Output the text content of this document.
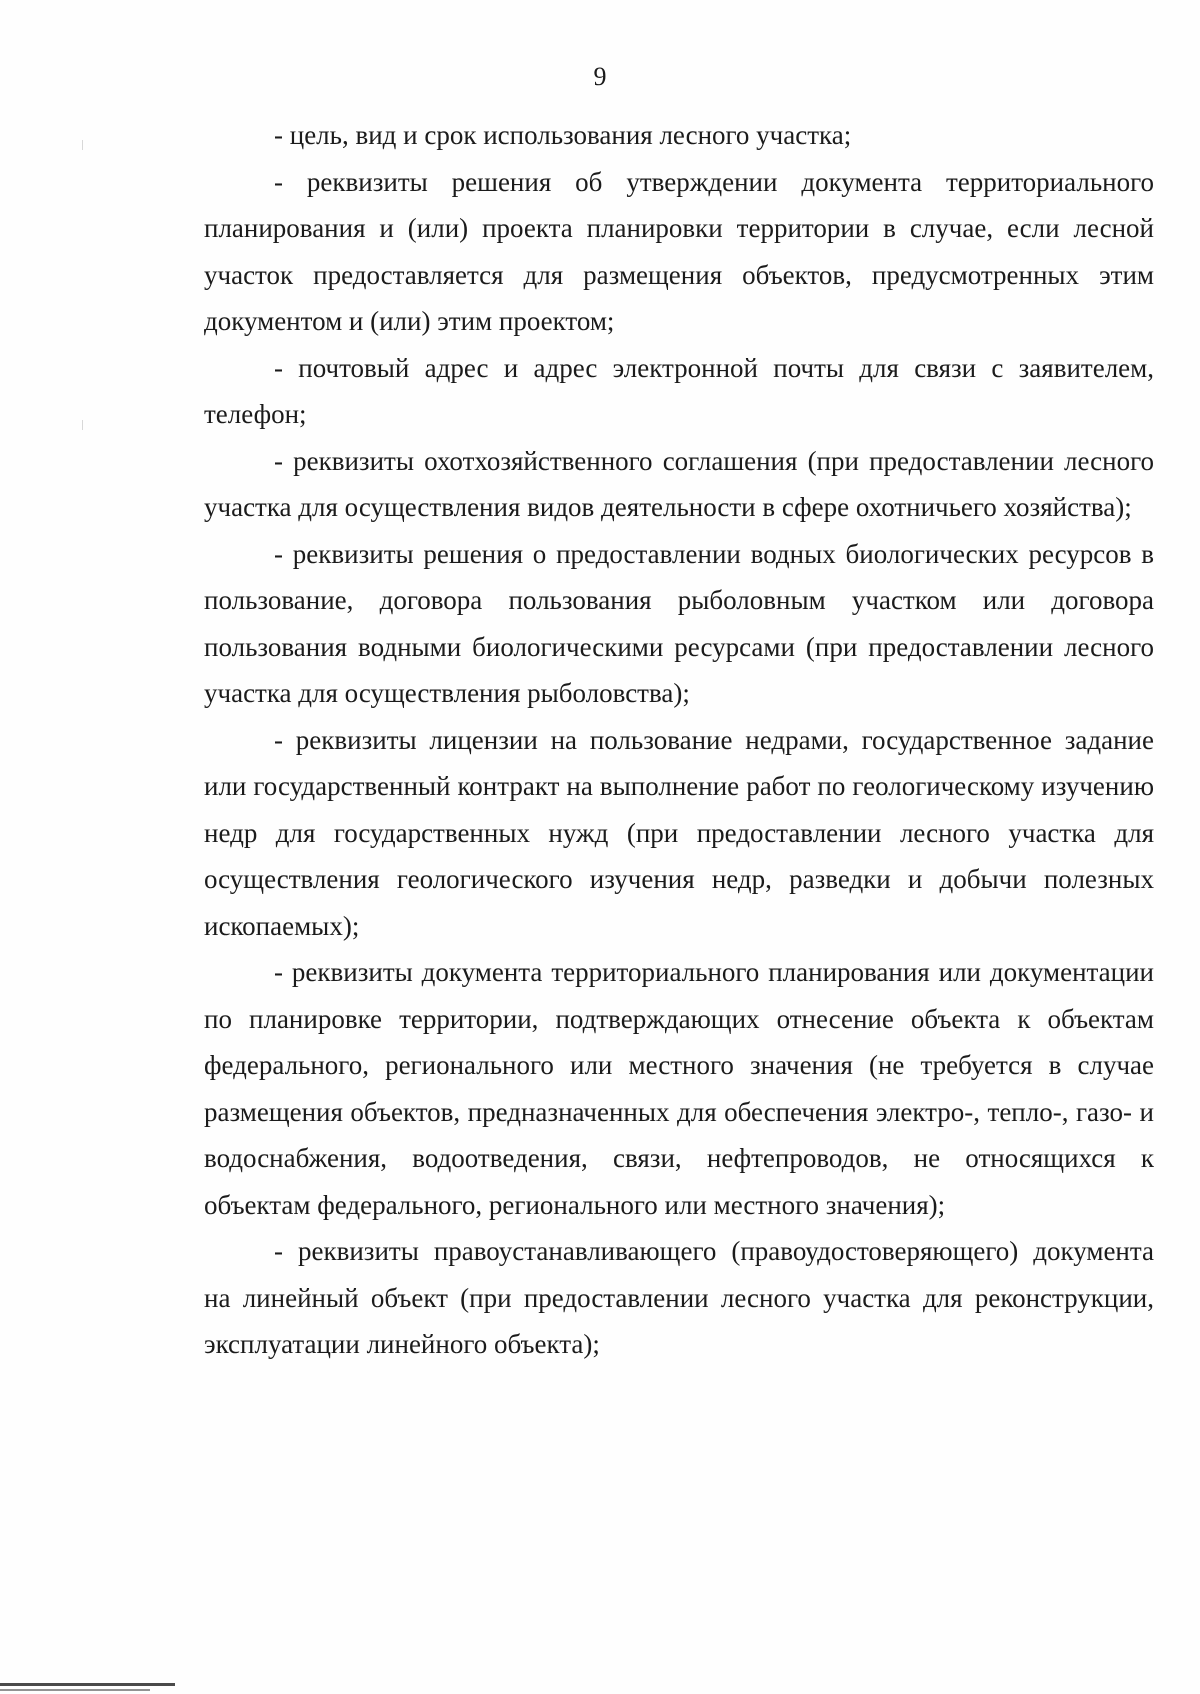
9

- цель, вид и срок использования лесного участка;

- реквизиты решения об утверждении документа территориального планирования и (или) проекта планировки территории в случае, если лесной участок предоставляется для размещения объектов, предусмотренных этим документом и (или) этим проектом;

- почтовый адрес и адрес электронной почты для связи с заявителем, телефон;

- реквизиты охотхозяйственного соглашения (при предоставлении лесного участка для осуществления видов деятельности в сфере охотничьего хозяйства);

- реквизиты решения о предоставлении водных биологических ресурсов в пользование, договора пользования рыболовным участком или договора пользования водными биологическими ресурсами (при предоставлении лесного участка для осуществления рыболовства);

- реквизиты лицензии на пользование недрами, государственное задание или государственный контракт на выполнение работ по геологическому изучению недр для государственных нужд (при предоставлении лесного участка для осуществления геологического изучения недр, разведки и добычи полезных ископаемых);

- реквизиты документа территориального планирования или документации по планировке территории, подтверждающих отнесение объекта к объектам федерального, регионального или местного значения (не требуется в случае размещения объектов, предназначенных для обеспечения электро-, тепло-, газо- и водоснабжения, водоотведения, связи, нефтепроводов, не относящихся к объектам федерального, регионального или местного значения);

- реквизиты правоустанавливающего (правоудостоверяющего) документа на линейный объект (при предоставлении лесного участка для реконструкции, эксплуатации линейного объекта);
